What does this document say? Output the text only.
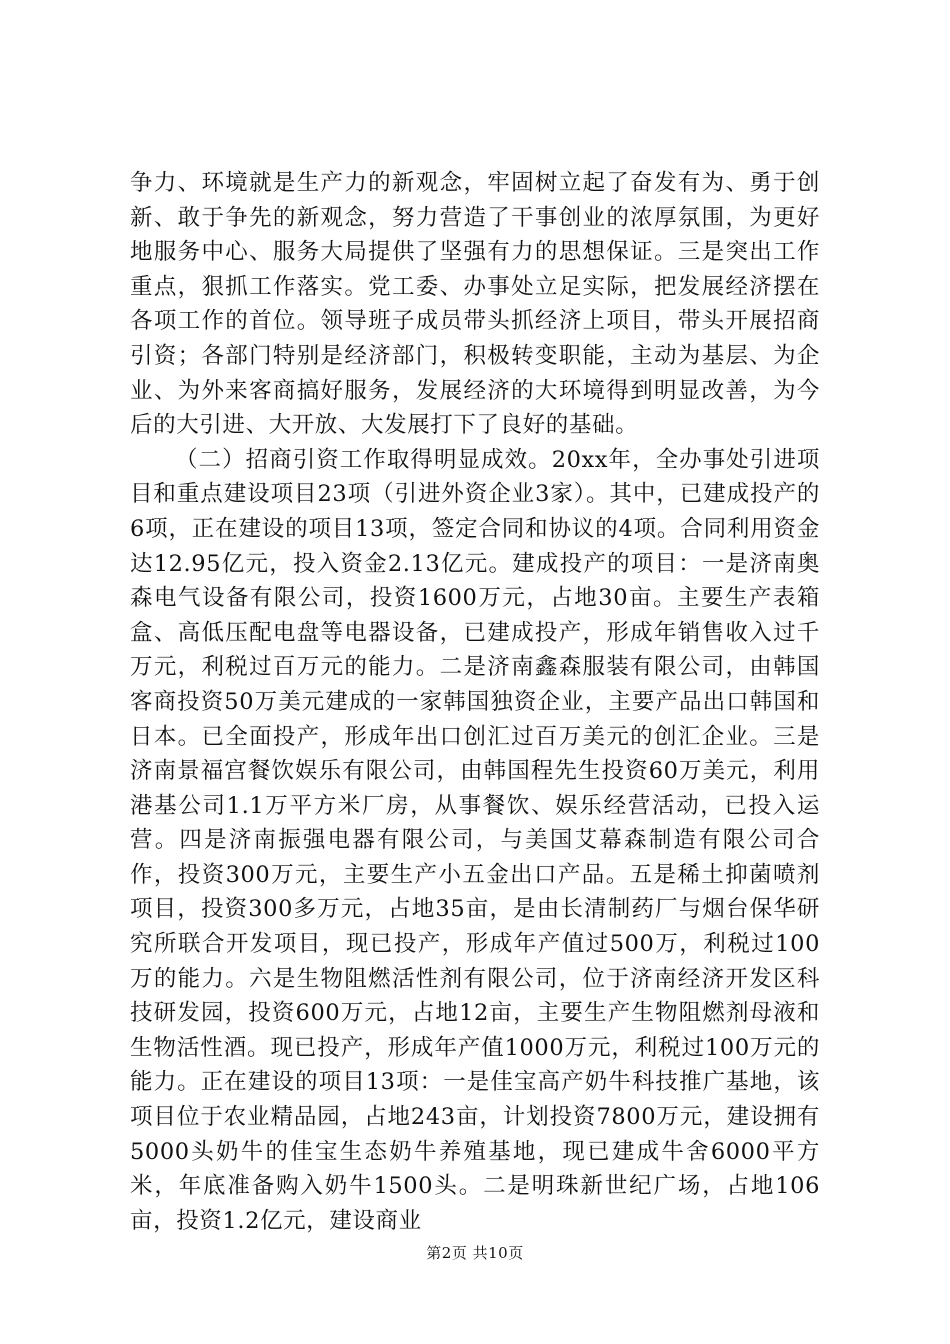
争力、环境就是生产力的新观念，牢固树立起了奋发有为、勇于创新、敢于争先的新观念，努力营造了干事创业的浓厚氛围，为更好地服务中心、服务大局提供了坚强有力的思想保证。三是突出工作重点，狠抓工作落实。党工委、办事处立足实际，把发展经济摆在各项工作的首位。领导班子成员带头抓经济上项目，带头开展招商引资；各部门特别是经济部门，积极转变职能，主动为基层、为企业、为外来客商搞好服务，发展经济的大环境得到明显改善，为今后的大引进、大开放、大发展打下了良好的基础。

（二）招商引资工作取得明显成效。20xx年，全办事处引进项目和重点建设项目23项（引进外资企业3家）。其中，已建成投产的6项，正在建设的项目13项，签定合同和协议的4项。合同利用资金达12.95亿元，投入资金2.13亿元。建成投产的项目：一是济南奥森电气设备有限公司，投资1600万元，占地30亩。主要生产表箱盒、高低压配电盘等电器设备，已建成投产，形成年销售收入过千万元，利税过百万元的能力。二是济南鑫森服装有限公司，由韩国客商投资50万美元建成的一家韩国独资企业，主要产品出口韩国和日本。已全面投产，形成年出口创汇过百万美元的创汇企业。三是济南景福宫餐饮娱乐有限公司，由韩国程先生投资60万美元，利用港基公司1.1万平方米厂房，从事餐饮、娱乐经营活动，已投入运营。四是济南振强电器有限公司，与美国艾幕森制造有限公司合作，投资300万元，主要生产小五金出口产品。五是稀土抑菌喷剂项目，投资300多万元，占地35亩，是由长清制药厂与烟台保华研究所联合开发项目，现已投产，形成年产值过500万，利税过100万的能力。六是生物阻燃活性剂有限公司，位于济南经济开发区科技研发园，投资600万元，占地12亩，主要生产生物阻燃剂母液和生物活性酒。现已投产，形成年产值1000万元，利税过100万元的能力。正在建设的项目13项：一是佳宝高产奶牛科技推广基地，该项目位于农业精品园，占地243亩，计划投资7800万元，建设拥有5000头奶牛的佳宝生态奶牛养殖基地，现已建成牛舍6000平方米，年底准备购入奶牛1500头。二是明珠新世纪广场，占地106亩，投资1.2亿元，建设商业

第2页 共10页
